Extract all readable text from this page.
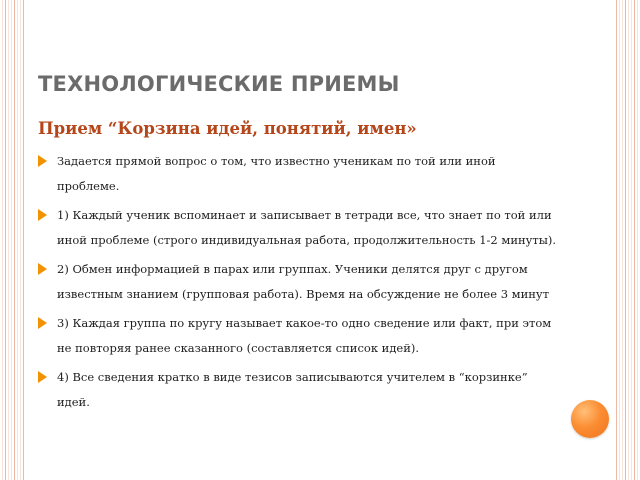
ТЕХНОЛОГИЧЕСКИЕ ПРИЕМЫ
Прием “Корзина идей, понятий, имен»
Задается прямой вопрос о том, что известно ученикам по той или иной проблеме.
1) Каждый ученик вспоминает и записывает в тетради все, что знает по той или иной проблеме (строго индивидуальная работа, продолжительность 1-2 минуты).
2) Обмен информацией в парах или группах. Ученики делятся друг с другом известным знанием (групповая работа). Время на обсуждение не более 3 минут
3) Каждая группа по кругу называет какое-то одно сведение или факт, при этом не повторяя ранее сказанного (составляется список идей).
4) Все сведения кратко в виде тезисов записываются учителем в “корзинке” идей.
